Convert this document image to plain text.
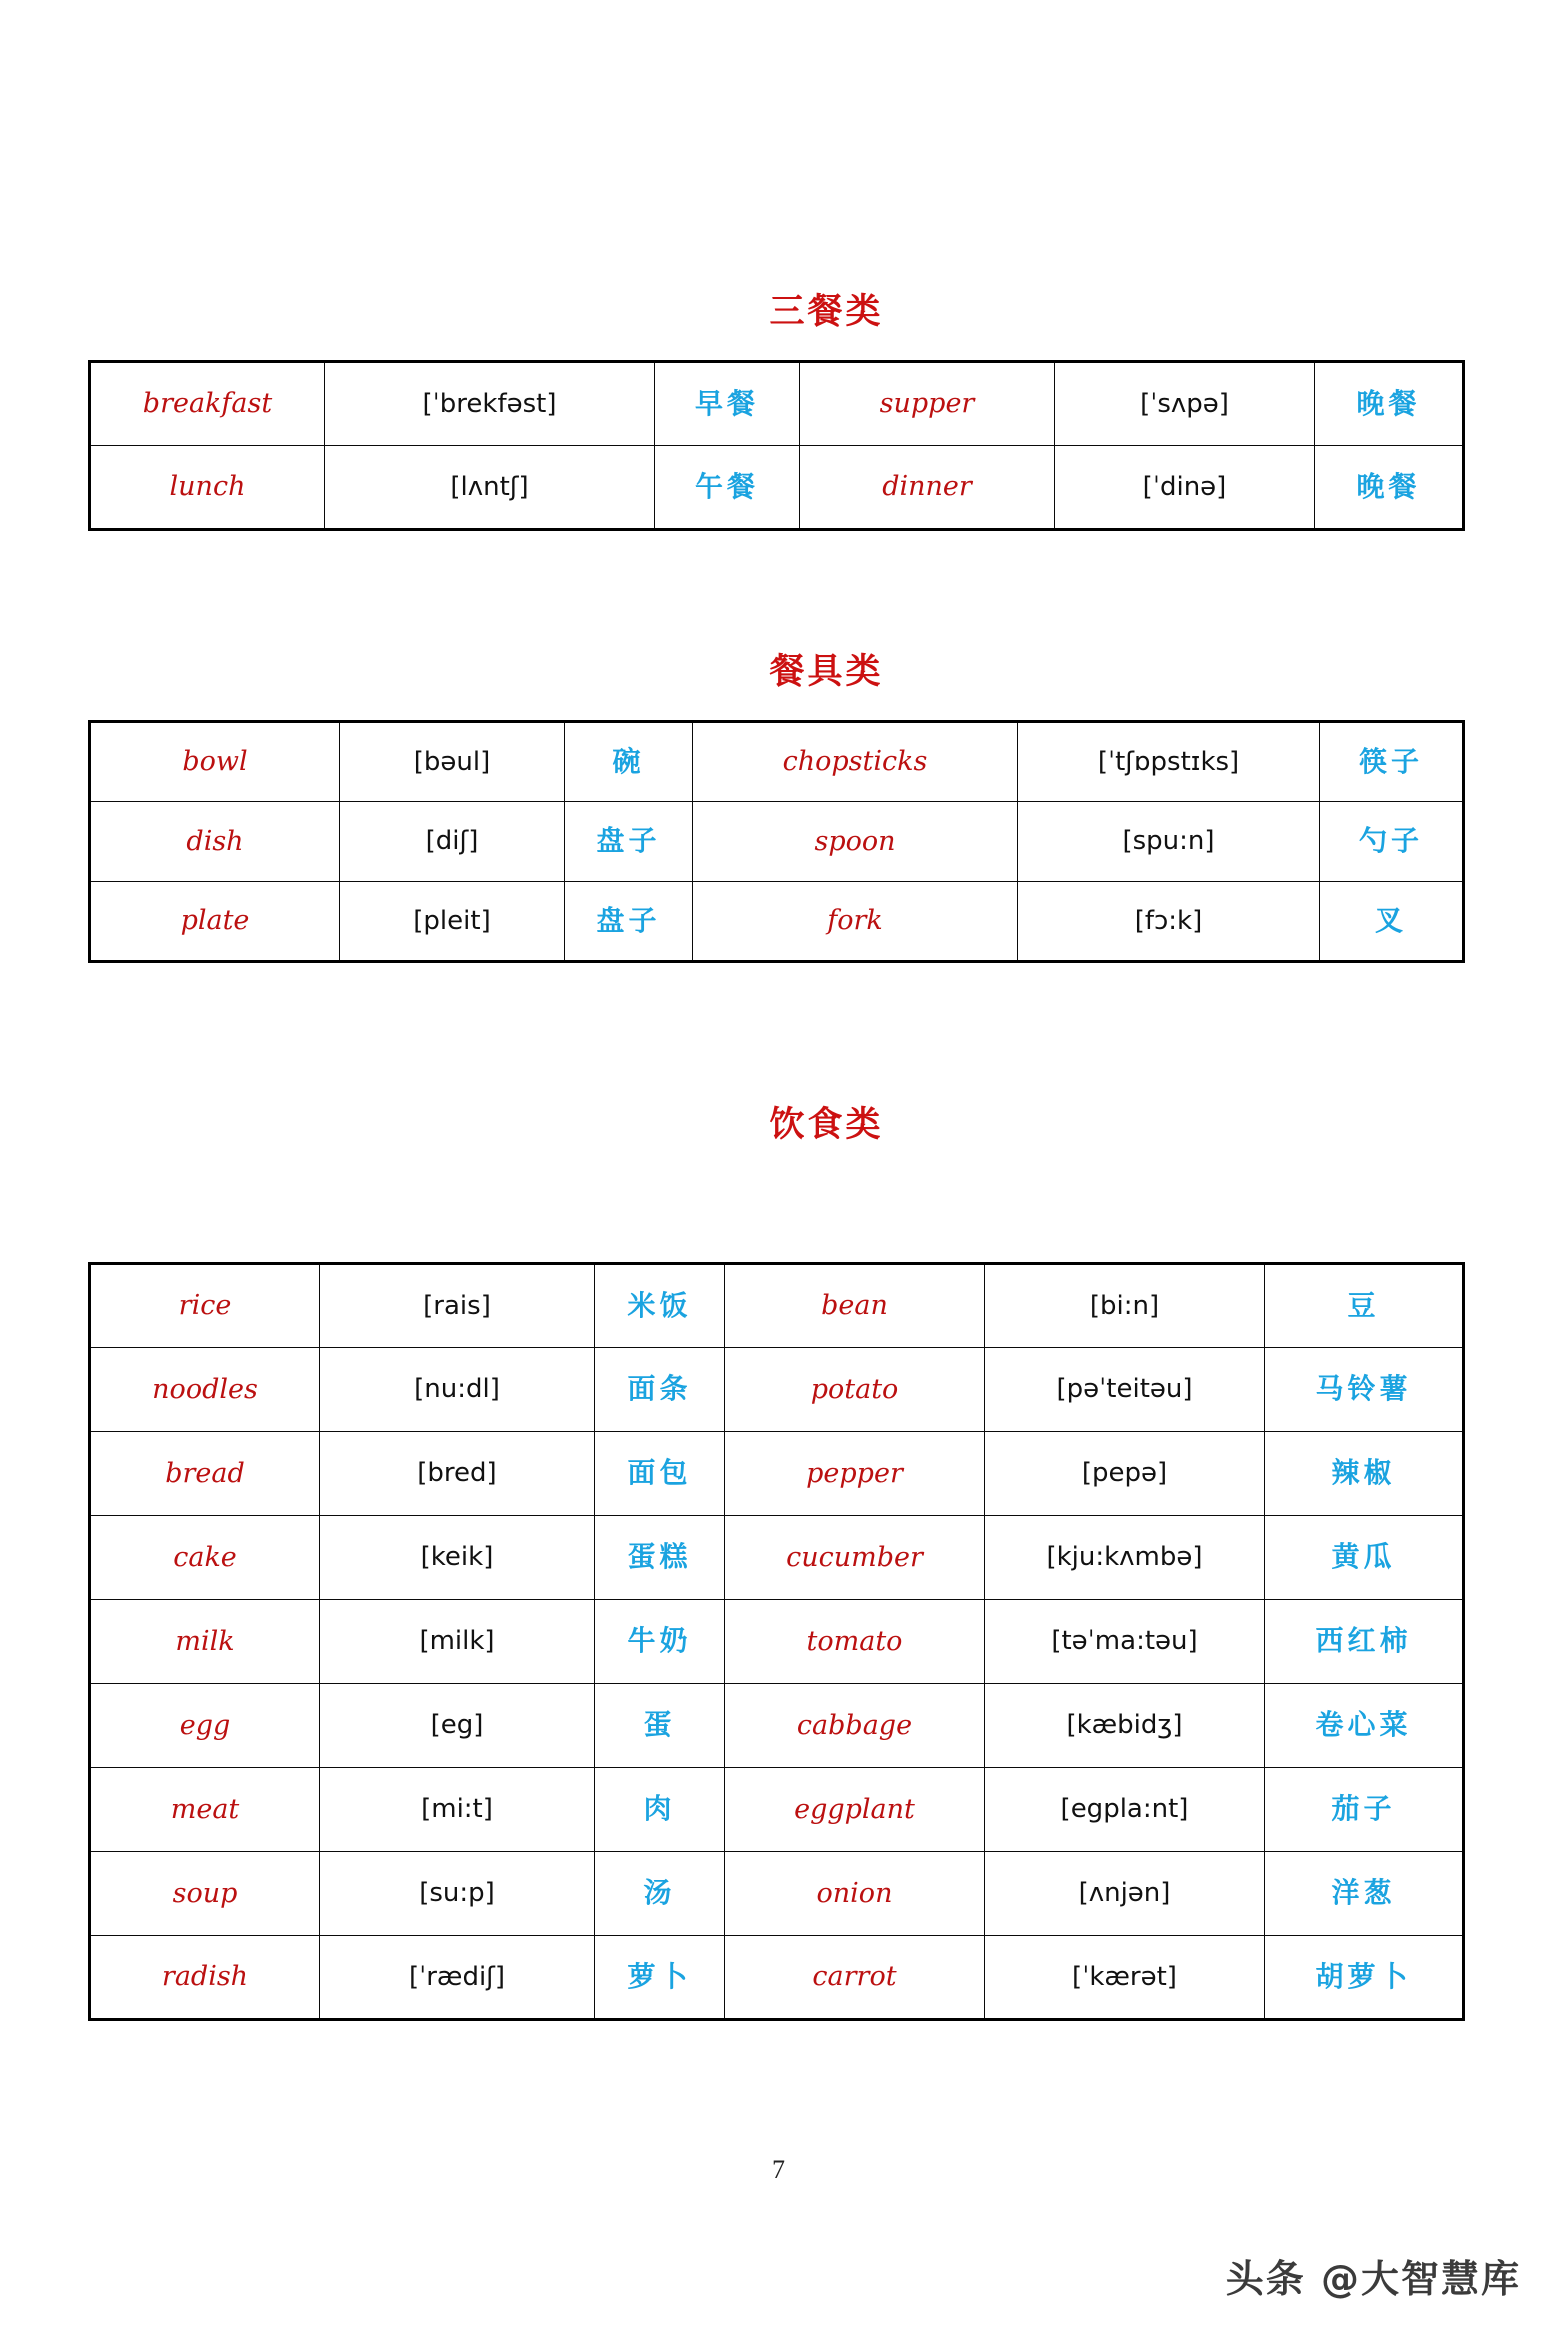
三餐类
breakfast	[ˈbrekfəst]	早餐	supper	[ˈsʌpə]	晚餐
lunch	[lʌntʃ]	午餐	dinner	[ˈdinə]	晚餐
餐具类
bowl	[bəul]	碗	chopsticks	[ˈtʃɒpstɪks]	筷子
dish	[diʃ]	盘子	spoon	[spu:n]	勺子
plate	[pleit]	盘子	fork	[fɔ:k]	叉
饮食类
rice	[rais]	米饭	bean	[bi:n]	豆
noodles	[nu:dl]	面条	potato	[pəˈteitəu]	马铃薯
bread	[bred]	面包	pepper	[pepə]	辣椒
cake	[keik]	蛋糕	cucumber	[kju:kʌmbə]	黄瓜
milk	[milk]	牛奶	tomato	[təˈma:təu]	西红柿
egg	[eg]	蛋	cabbage	[kæbidʒ]	卷心菜
meat	[mi:t]	肉	eggplant	[egpla:nt]	茄子
soup	[su:p]	汤	onion	[ʌnjən]	洋葱
radish	[ˈrædiʃ]	萝卜	carrot	[ˈkærət]	胡萝卜
7
头条 @大智慧库
